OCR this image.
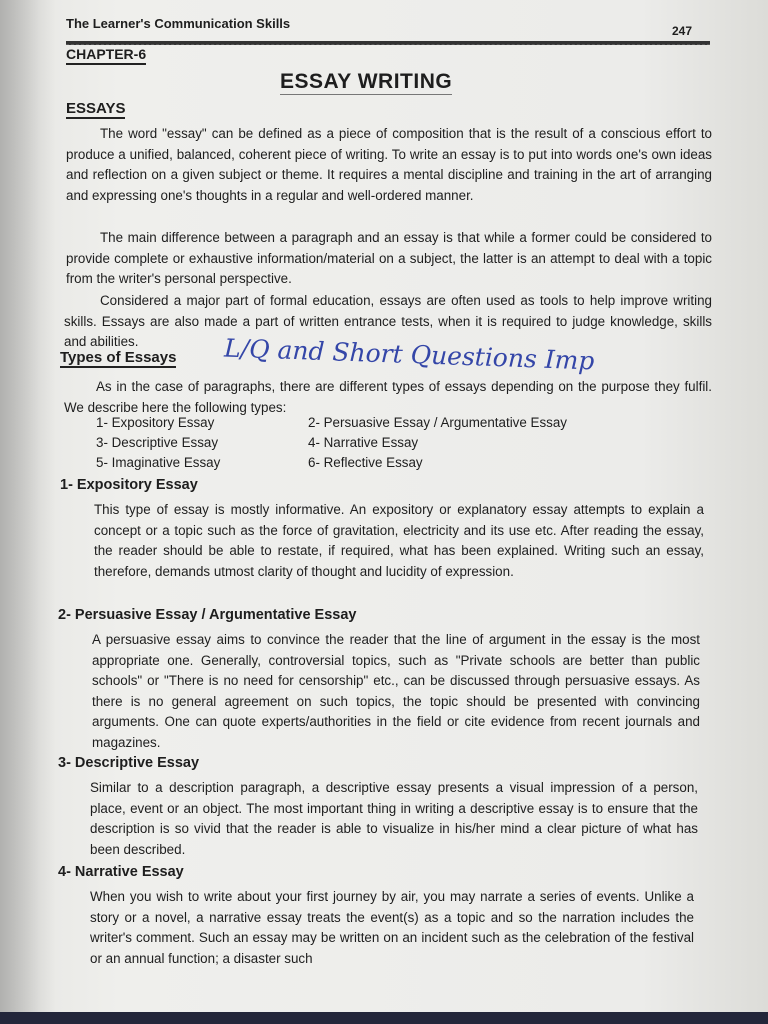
The Learner's Communication Skills	247
CHAPTER-6
ESSAY WRITING
ESSAYS
The word "essay" can be defined as a piece of composition that is the result of a conscious effort to produce a unified, balanced, coherent piece of writing. To write an essay is to put into words one's own ideas and reflection on a given subject or theme. It requires a mental discipline and training in the art of arranging and expressing one's thoughts in a regular and well-ordered manner.
The main difference between a paragraph and an essay is that while a former could be considered to provide complete or exhaustive information/material on a subject, the latter is an attempt to deal with a topic from the writer's personal perspective.
Considered a major part of formal education, essays are often used as tools to help improve writing skills. Essays are also made a part of written entrance tests, when it is required to judge knowledge, skills and abilities.
Types of Essays L/Q and Short Questions Imp
As in the case of paragraphs, there are different types of essays depending on the purpose they fulfil. We describe here the following types:
1- Expository Essay	2- Persuasive Essay / Argumentative Essay
3- Descriptive Essay	4- Narrative Essay
5- Imaginative Essay	6- Reflective Essay
1- Expository Essay
This type of essay is mostly informative. An expository or explanatory essay attempts to explain a concept or a topic such as the force of gravitation, electricity and its use etc. After reading the essay, the reader should be able to restate, if required, what has been explained. Writing such an essay, therefore, demands utmost clarity of thought and lucidity of expression.
2- Persuasive Essay / Argumentative Essay
A persuasive essay aims to convince the reader that the line of argument in the essay is the most appropriate one. Generally, controversial topics, such as "Private schools are better than public schools" or "There is no need for censorship" etc., can be discussed through persuasive essays. As there is no general agreement on such topics, the topic should be presented with convincing arguments. One can quote experts/authorities in the field or cite evidence from recent journals and magazines.
3- Descriptive Essay
Similar to a description paragraph, a descriptive essay presents a visual impression of a person, place, event or an object. The most important thing in writing a descriptive essay is to ensure that the description is so vivid that the reader is able to visualize in his/her mind a clear picture of what has been described.
4- Narrative Essay
When you wish to write about your first journey by air, you may narrate a series of events. Unlike a story or a novel, a narrative essay treats the event(s) as a topic and so the narration includes the writer's comment. Such an essay may be written on an incident such as the celebration of the festival or an annual function; a disaster such
